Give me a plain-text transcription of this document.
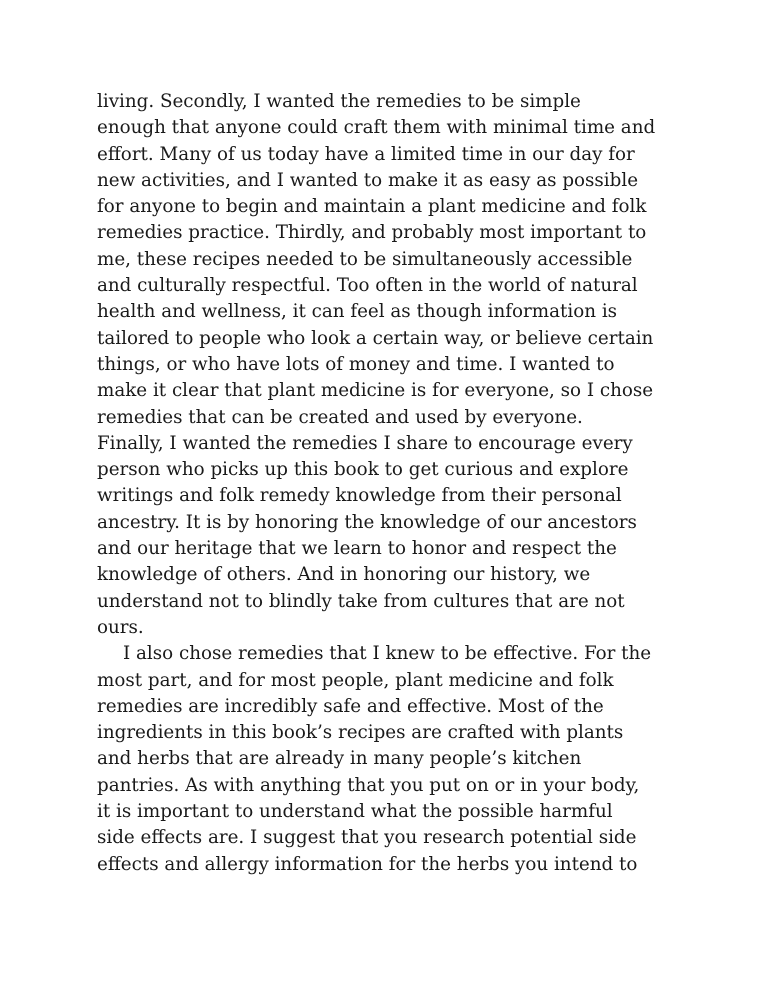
living. Secondly, I wanted the remedies to be simple
enough that anyone could craft them with minimal time and
effort. Many of us today have a limited time in our day for
new activities, and I wanted to make it as easy as possible
for anyone to begin and maintain a plant medicine and folk
remedies practice. Thirdly, and probably most important to
me, these recipes needed to be simultaneously accessible
and culturally respectful. Too often in the world of natural
health and wellness, it can feel as though information is
tailored to people who look a certain way, or believe certain
things, or who have lots of money and time. I wanted to
make it clear that plant medicine is for everyone, so I chose
remedies that can be created and used by everyone.
Finally, I wanted the remedies I share to encourage every
person who picks up this book to get curious and explore
writings and folk remedy knowledge from their personal
ancestry. It is by honoring the knowledge of our ancestors
and our heritage that we learn to honor and respect the
knowledge of others. And in honoring our history, we
understand not to blindly take from cultures that are not
ours.

I also chose remedies that I knew to be effective. For the
most part, and for most people, plant medicine and folk
remedies are incredibly safe and effective. Most of the
ingredients in this book’s recipes are crafted with plants
and herbs that are already in many people’s kitchen
pantries. As with anything that you put on or in your body,
it is important to understand what the possible harmful
side effects are. I suggest that you research potential side
effects and allergy information for the herbs you intend to
